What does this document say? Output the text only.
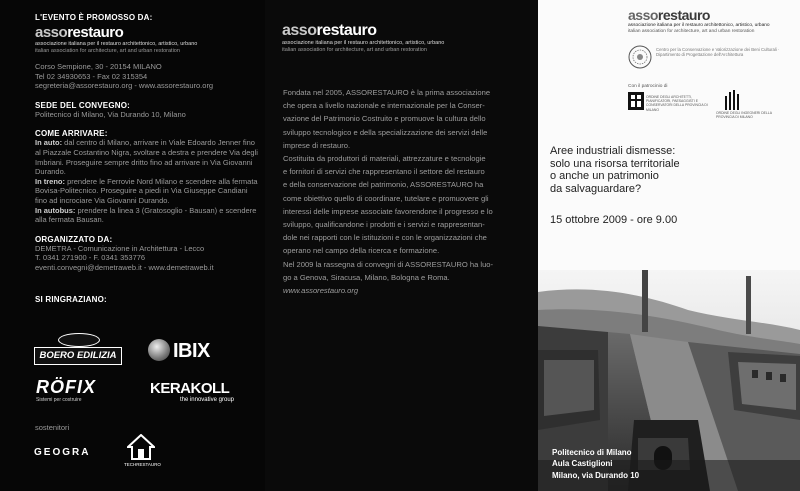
L'EVENTO È PROMOSSO DA:

assorestauro

associazione italiana per il restauro architettonico, artistico, urbano

italian association for architecture, art and urban restoration

Corso Sempione, 30 - 20154 MILANO

Tel 02 34930653 - Fax 02 315354

segreteria@assorestauro.org - www.assorestauro.org

SEDE DEL CONVEGNO:

Politecnico di Milano, Via Durando 10, Milano

COME ARRIVARE:

In auto: dal centro di Milano, arrivare in Viale Edoardo Jenner fino al Piazzale Costantino Nigra, svoltare a destra e prendere Via degli Imbriani. Proseguire sempre dritto fino ad arrivare in Via Giovanni Durando.

In treno: prendere le Ferrovie Nord Milano e scendere alla fermata Bovisa-Politecnico. Proseguire a piedi in Via Giuseppe Candiani fino ad incrociare Via Giovanni Durando.

In autobus: prendere la linea 3 (Gratosoglio - Bausan) e scendere alla fermata Bausan.

ORGANIZZATO DA:

DEMETRA - Comunicazione in Architettura - Lecco

T. 0341 271900 - F. 0341 353776

eventi.convegni@demetraweb.it - www.demetraweb.it

SI RINGRAZIANO:

BOERO EDILIZIA	IBIX
RÖFIX
Sistemi per costruire
KERAKOLL
the innovative group

sostenitori

GEOGRA
TECHRESTAURO
assorestauro

associazione italiana per il restauro architettonico, artistico, urbano

italian association for architecture, art and urban restoration

Fondata nel 2005, ASSORESTAURO è la prima associazione

che opera a livello nazionale e internazionale per la Conser-

vazione del Patrimonio Costruito e promuove la cultura dello

sviluppo tecnologico e della specializzazione dei servizi delle

imprese di restauro.

Costituita da produttori di materiali, attrezzature e tecnologie

e fornitori di servizi che rappresentano il settore del restauro

e della conservazione del patrimonio, ASSORESTAURO ha

come obiettivo quello di coordinare, tutelare e promuovere gli

interessi delle imprese associate favorendone il progresso e lo

sviluppo, qualificandone i prodotti e i servizi e rappresentan-

dole nei rapporti con le istituzioni e con le organizzazioni che

operano nel campo della ricerca e formazione.

Nel 2009 la rassegna di convegni di ASSORESTAURO ha luo-

go a Genova, Siracusa, Milano, Bologna e Roma.

www.assorestauro.org

assorestauro

associazione italiana per il restauro architettonico, artistico, urbano

italian association for architecture, art and urban restoration

Centro per la Conservazione e Valorizzazione dei Beni Culturali · Dipartimento di Progettazione dell'Architettura

Con il patrocinio di

ORDINE DEGLI ARCHITETTI, PIANIFICATORI, PAESAGGISTI E CONSERVATORI DELLA PROVINCIA DI MILANO

ORDINE DEGLI INGEGNERI DELLA PROVINCIA DI MILANO

Aree industriali dismesse:

solo una risorsa territoriale

o anche un patrimonio

da salvaguardare?

15 ottobre 2009 - ore 9.00

Politecnico di Milano
Aula Castiglioni
Milano, via Durando 10
